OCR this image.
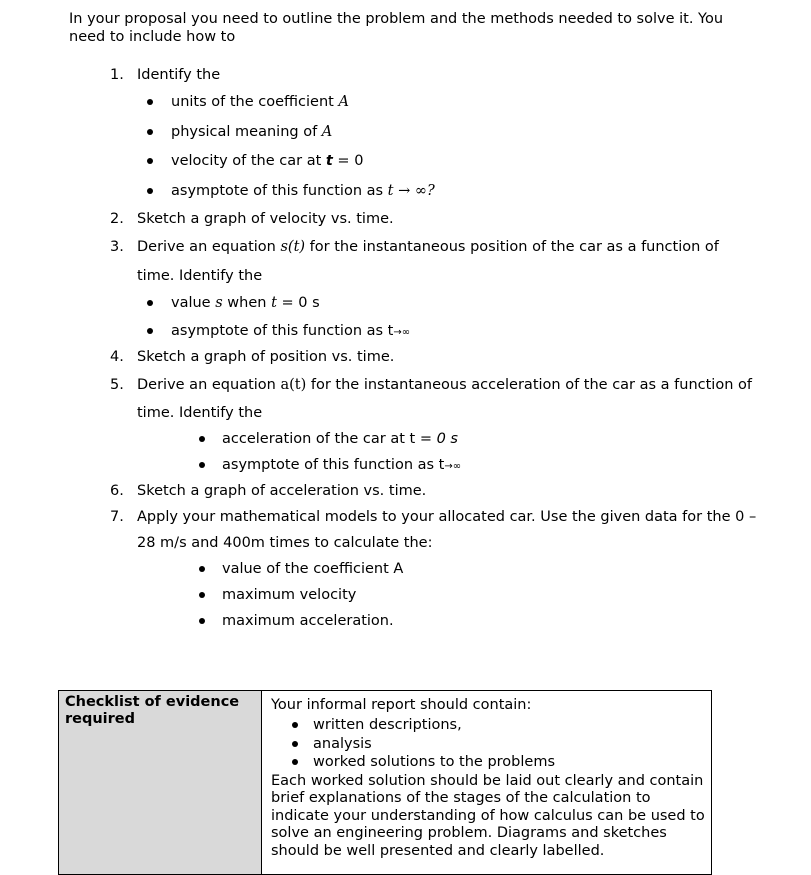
In your proposal you need to outline the problem and the methods needed to solve it. You
need to include how to
1. Identify the
units of the coefficient A
physical meaning of A
velocity of the car at t = 0
asymptote of this function as t → ∞?
2. Sketch a graph of velocity vs. time.
3. Derive an equation s(t) for the instantaneous position of the car as a function of
time. Identify the
value s when t = 0 s
asymptote of this function as t→∞
4. Sketch a graph of position vs. time.
5. Derive an equation a(t) for the instantaneous acceleration of the car as a function of
time. Identify the
acceleration of the car at t = 0 s
asymptote of this function as t→∞
6. Sketch a graph of acceleration vs. time.
7. Apply your mathematical models to your allocated car. Use the given data for the 0 –
28 m/s and 400m times to calculate the:
value of the coefficient A
maximum velocity
maximum acceleration.
Checklist of evidence required
Your informal report should contain:
written descriptions,
analysis
worked solutions to the problems
Each worked solution should be laid out clearly and contain brief explanations of the stages of the calculation to indicate your understanding of how calculus can be used to solve an engineering problem. Diagrams and sketches should be well presented and clearly labelled.
